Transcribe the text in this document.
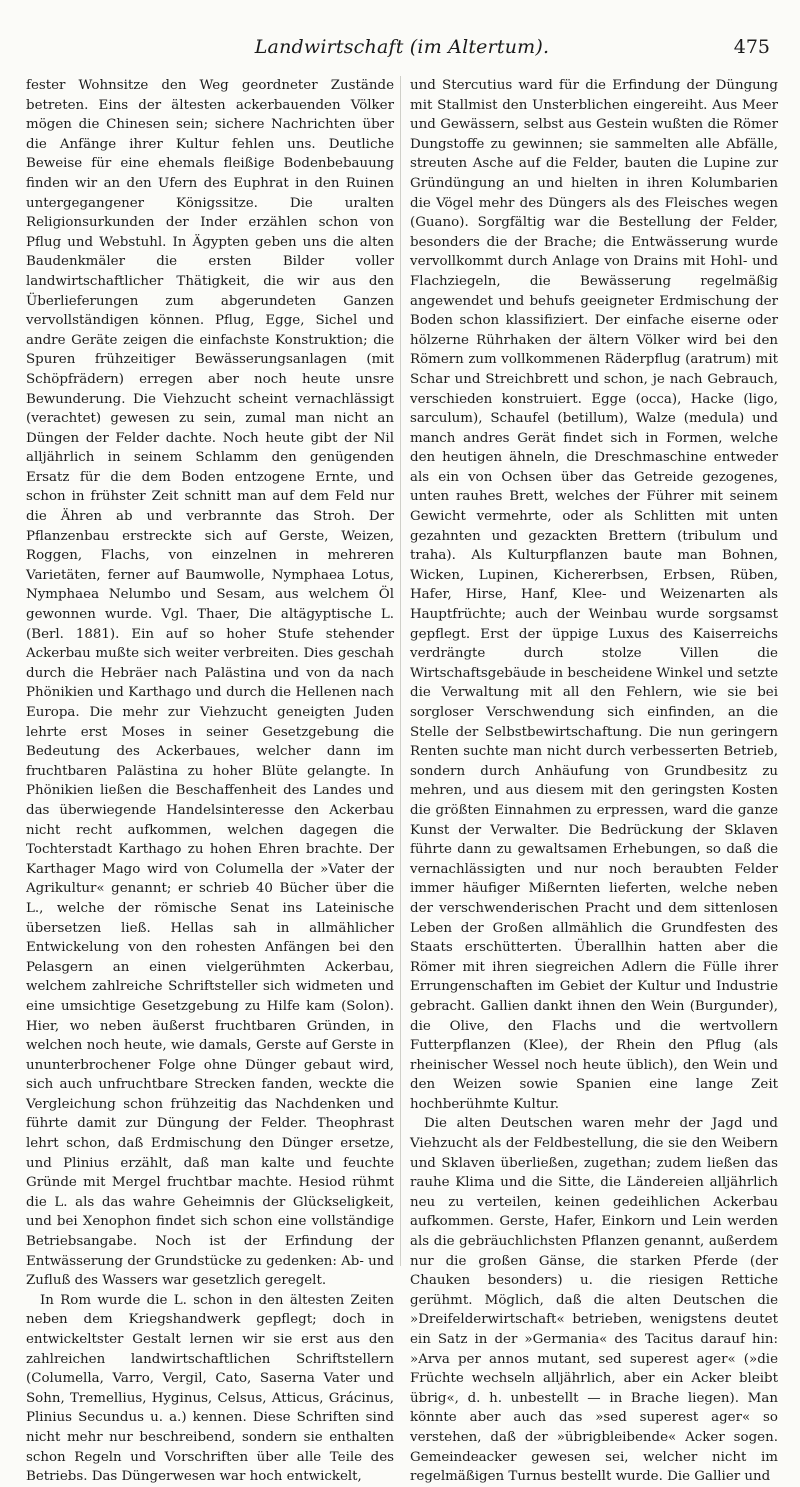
Landwirtschaft (im Altertum).	475

fester Wohnsitze den Weg geordneter Zustände betreten. Eins der ältesten ackerbauenden Völker mögen die Chinesen sein; sichere Nachrichten über die Anfänge ihrer Kultur fehlen uns. Deutliche Beweise für eine ehemals fleißige Bodenbebauung finden wir an den Ufern des Euphrat in den Ruinen untergegangener Königssitze. Die uralten Religionsurkunden der Inder erzählen schon von Pflug und Webstuhl. In Ägypten geben uns die alten Baudenkmäler die ersten Bilder voller landwirtschaftlicher Thätigkeit, die wir aus den Überlieferungen zum abgerundeten Ganzen vervollständigen können. Pflug, Egge, Sichel und andre Geräte zeigen die einfachste Konstruktion; die Spuren frühzeitiger Bewässerungsanlagen (mit Schöpfrädern) erregen aber noch heute unsre Bewunderung. Die Viehzucht scheint vernachlässigt (verachtet) gewesen zu sein, zumal man nicht an Düngen der Felder dachte. Noch heute gibt der Nil alljährlich in seinem Schlamm den genügenden Ersatz für die dem Boden entzogene Ernte, und schon in frühster Zeit schnitt man auf dem Feld nur die Ähren ab und verbrannte das Stroh. Der Pflanzenbau erstreckte sich auf Gerste, Weizen, Roggen, Flachs, von einzelnen in mehreren Varietäten, ferner auf Baumwolle, Nymphaea Lotus, Nymphaea Nelumbo und Sesam, aus welchem Öl gewonnen wurde. Vgl. Thaer, Die altägyptische L. (Berl. 1881). Ein auf so hoher Stufe stehender Ackerbau mußte sich weiter verbreiten. Dies geschah durch die Hebräer nach Palästina und von da nach Phönikien und Karthago und durch die Hellenen nach Europa. Die mehr zur Viehzucht geneigten Juden lehrte erst Moses in seiner Gesetzgebung die Bedeutung des Ackerbaues, welcher dann im fruchtbaren Palästina zu hoher Blüte gelangte. In Phönikien ließen die Beschaffenheit des Landes und das überwiegende Handelsinteresse den Ackerbau nicht recht aufkommen, welchen dagegen die Tochterstadt Karthago zu hohen Ehren brachte. Der Karthager Mago wird von Columella der »Vater der Agrikultur« genannt; er schrieb 40 Bücher über die L., welche der römische Senat ins Lateinische übersetzen ließ. Hellas sah in allmählicher Entwickelung von den rohesten Anfängen bei den Pelasgern an einen vielgerühmten Ackerbau, welchem zahlreiche Schriftsteller sich widmeten und eine umsichtige Gesetzgebung zu Hilfe kam (Solon). Hier, wo neben äußerst fruchtbaren Gründen, in welchen noch heute, wie damals, Gerste auf Gerste in ununterbrochener Folge ohne Dünger gebaut wird, sich auch unfruchtbare Strecken fanden, weckte die Vergleichung schon frühzeitig das Nachdenken und führte damit zur Düngung der Felder. Theophrast lehrt schon, daß Erdmischung den Dünger ersetze, und Plinius erzählt, daß man kalte und feuchte Gründe mit Mergel fruchtbar machte. Hesiod rühmt die L. als das wahre Geheimnis der Glückseligkeit, und bei Xenophon findet sich schon eine vollständige Betriebsangabe. Noch ist der Erfindung der Entwässerung der Grundstücke zu gedenken: Ab- und Zufluß des Wassers war gesetzlich geregelt.

In Rom wurde die L. schon in den ältesten Zeiten neben dem Kriegshandwerk gepflegt; doch in entwickeltster Gestalt lernen wir sie erst aus den zahlreichen landwirtschaftlichen Schriftstellern (Columella, Varro, Vergil, Cato, Saserna Vater und Sohn, Tremellius, Hyginus, Celsus, Atticus, Grácinus, Plinius Secundus u. a.) kennen. Diese Schriften sind nicht mehr nur beschreibend, sondern sie enthalten schon Regeln und Vorschriften über alle Teile des Betriebs. Das Düngerwesen war hoch entwickelt,

und Stercutius ward für die Erfindung der Düngung mit Stallmist den Unsterblichen eingereiht. Aus Meer und Gewässern, selbst aus Gestein wußten die Römer Dungstoffe zu gewinnen; sie sammelten alle Abfälle, streuten Asche auf die Felder, bauten die Lupine zur Gründüngung an und hielten in ihren Kolumbarien die Vögel mehr des Düngers als des Fleisches wegen (Guano). Sorgfältig war die Bestellung der Felder, besonders die der Brache; die Entwässerung wurde vervollkommt durch Anlage von Drains mit Hohl- und Flachziegeln, die Bewässerung regelmäßig angewendet und behufs geeigneter Erdmischung der Boden schon klassifiziert. Der einfache eiserne oder hölzerne Rührhaken der ältern Völker wird bei den Römern zum vollkommenen Räderpflug (aratrum) mit Schar und Streichbrett und schon, je nach Gebrauch, verschieden konstruiert. Egge (occa), Hacke (ligo, sarculum), Schaufel (betillum), Walze (medula) und manch andres Gerät findet sich in Formen, welche den heutigen ähneln, die Dreschmaschine entweder als ein von Ochsen über das Getreide gezogenes, unten rauhes Brett, welches der Führer mit seinem Gewicht vermehrte, oder als Schlitten mit unten gezahnten und gezackten Brettern (tribulum und traha). Als Kulturpflanzen baute man Bohnen, Wicken, Lupinen, Kichererbsen, Erbsen, Rüben, Hafer, Hirse, Hanf, Klee- und Weizenarten als Hauptfrüchte; auch der Weinbau wurde sorgsamst gepflegt. Erst der üppige Luxus des Kaiserreichs verdrängte durch stolze Villen die Wirtschaftsgebäude in bescheidene Winkel und setzte die Verwaltung mit all den Fehlern, wie sie bei sorgloser Verschwendung sich einfinden, an die Stelle der Selbstbewirtschaftung. Die nun geringern Renten suchte man nicht durch verbesserten Betrieb, sondern durch Anhäufung von Grundbesitz zu mehren, und aus diesem mit den geringsten Kosten die größten Einnahmen zu erpressen, ward die ganze Kunst der Verwalter. Die Bedrückung der Sklaven führte dann zu gewaltsamen Erhebungen, so daß die vernachlässigten und nur noch beraubten Felder immer häufiger Mißernten lieferten, welche neben der verschwenderischen Pracht und dem sittenlosen Leben der Großen allmählich die Grundfesten des Staats erschütterten. Überallhin hatten aber die Römer mit ihren siegreichen Adlern die Fülle ihrer Errungenschaften im Gebiet der Kultur und Industrie gebracht. Gallien dankt ihnen den Wein (Burgunder), die Olive, den Flachs und die wertvollern Futterpflanzen (Klee), der Rhein den Pflug (als rheinischer Wessel noch heute üblich), den Wein und den Weizen sowie Spanien eine lange Zeit hochberühmte Kultur.

Die alten Deutschen waren mehr der Jagd und Viehzucht als der Feldbestellung, die sie den Weibern und Sklaven überließen, zugethan; zudem ließen das rauhe Klima und die Sitte, die Ländereien alljährlich neu zu verteilen, keinen gedeihlichen Ackerbau aufkommen. Gerste, Hafer, Einkorn und Lein werden als die gebräuchlichsten Pflanzen genannt, außerdem nur die großen Gänse, die starken Pferde (der Chauken besonders) u. die riesigen Rettiche gerühmt. Möglich, daß die alten Deutschen die »Dreifelderwirtschaft« betrieben, wenigstens deutet ein Satz in der »Germania« des Tacitus darauf hin: »Arva per annos mutant, sed superest ager« (»die Früchte wechseln alljährlich, aber ein Acker bleibt übrig«, d. h. unbestellt — in Brache liegen). Man könnte aber auch das »sed superest ager« so verstehen, daß der »übrigbleibende« Acker sogen. Gemeindeacker gewesen sei, welcher nicht im regelmäßigen Turnus bestellt wurde. Die Gallier und
